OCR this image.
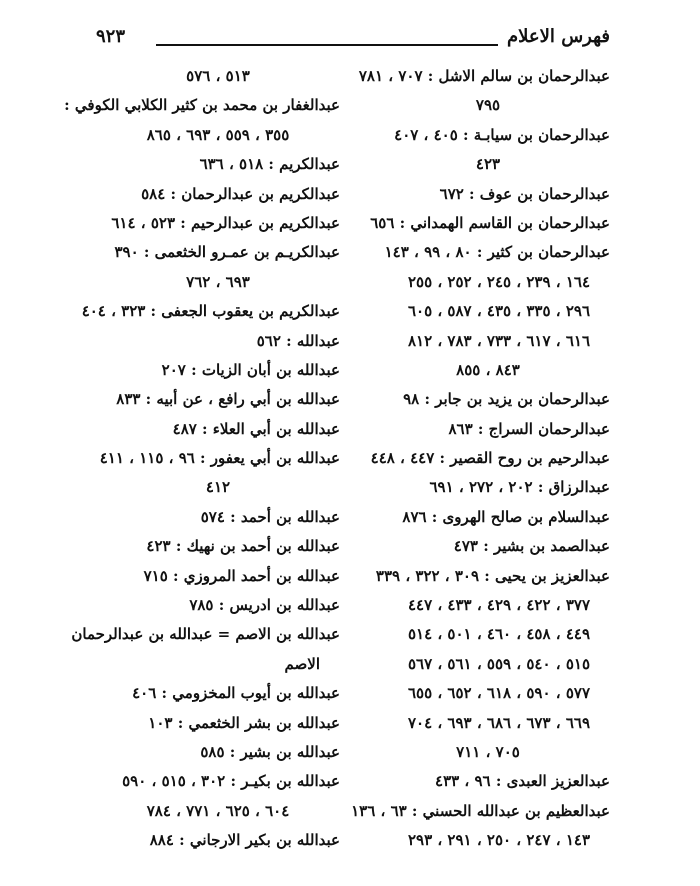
فهرس الاعلام
٩٢٣
عبدالرحمان بن سالم الاشل : ٧٠٧ ، ٧٨١
٧٩٥
عبدالرحمان بن سيابـة : ٤٠٥ ، ٤٠٧
٤٢٣
عبدالرحمان بن عوف : ٦٧٢
عبدالرحمان بن القاسم الهمداني : ٦٥٦
عبدالرحمان بن كثير : ٨٠ ، ٩٩ ، ١٤٣
١٦٤ ، ٢٣٩ ، ٢٤٥ ، ٢٥٢ ، ٢٥٥
٢٩٦ ، ٣٣٥ ، ٤٣٥ ، ٥٨٧ ، ٦٠٥
٦١٦ ، ٦١٧ ، ٧٣٣ ، ٧٨٣ ، ٨١٢
٨٤٣ ، ٨٥٥
عبدالرحمان بن يزيد بن جابر : ٩٨
عبدالرحمان السراج : ٨٦٣
عبدالرحيم بن روح القصير : ٤٤٧ ، ٤٤٨
عبدالرزاق : ٢٠٢ ، ٢٧٢ ، ٦٩١
عبدالسلام بن صالح الهروى : ٨٧٦
عبدالصمد بن بشير : ٤٧٣
عبدالعزيز بن يحيى : ٣٠٩ ، ٣٢٢ ، ٣٣٩
٣٧٧ ، ٤٢٢ ، ٤٢٩ ، ٤٣٣ ، ٤٤٧
٤٤٩ ، ٤٥٨ ، ٤٦٠ ، ٥٠١ ، ٥١٤
٥١٥ ، ٥٤٠ ، ٥٥٩ ، ٥٦١ ، ٥٦٧
٥٧٧ ، ٥٩٠ ، ٦١٨ ، ٦٥٢ ، ٦٥٥
٦٦٩ ، ٦٧٣ ، ٦٨٦ ، ٦٩٣ ، ٧٠٤
٧٠٥ ، ٧١١
عبدالعزيز العبدى : ٩٦ ، ٤٣٣
عبدالعظيم بن عبدالله الحسني : ٦٣ ، ١٣٦
١٤٣ ، ٢٤٧ ، ٢٥٠ ، ٢٩١ ، ٢٩٣
٥١٣ ، ٥٧٦
عبدالغفار بن محمد بن كثير الكلابي الكوفي :
٣٥٥ ، ٥٥٩ ، ٦٩٣ ، ٨٦٥
عبدالكريم : ٥١٨ ، ٦٣٦
عبدالكريم بن عبدالرحمان : ٥٨٤
عبدالكريم بن عبدالرحيم : ٥٢٣ ، ٦١٤
عبدالكريـم بن عمـرو الخثعمى : ٣٩٠
٦٩٣ ، ٧٦٢
عبدالكريم بن يعقوب الجعفى : ٣٢٣ ، ٤٠٤
عبدالله : ٥٦٢
عبدالله بن أبان الزيات : ٢٠٧
عبدالله بن أبي رافع ، عن أبيه : ٨٣٣
عبدالله بن أبي العلاء : ٤٨٧
عبدالله بن أبي يعفور : ٩٦ ، ١١٥ ، ٤١١
٤١٢
عبدالله بن أحمد : ٥٧٤
عبدالله بن أحمد بن نهيك : ٤٢٣
عبدالله بن أحمد المروزي : ٧١٥
عبدالله بن ادريس : ٧٨٥
عبدالله بن الاصم = عبدالله بن عبدالرحمان
الاصم
عبدالله بن أيوب المخزومي : ٤٠٦
عبدالله بن بشر الخثعمي : ١٠٣
عبدالله بن بشير : ٥٨٥
عبدالله بن بكيـر : ٣٠٢ ، ٥١٥ ، ٥٩٠
٦٠٤ ، ٦٢٥ ، ٧٧١ ، ٧٨٤
عبدالله بن بكير الارجاني : ٨٨٤
